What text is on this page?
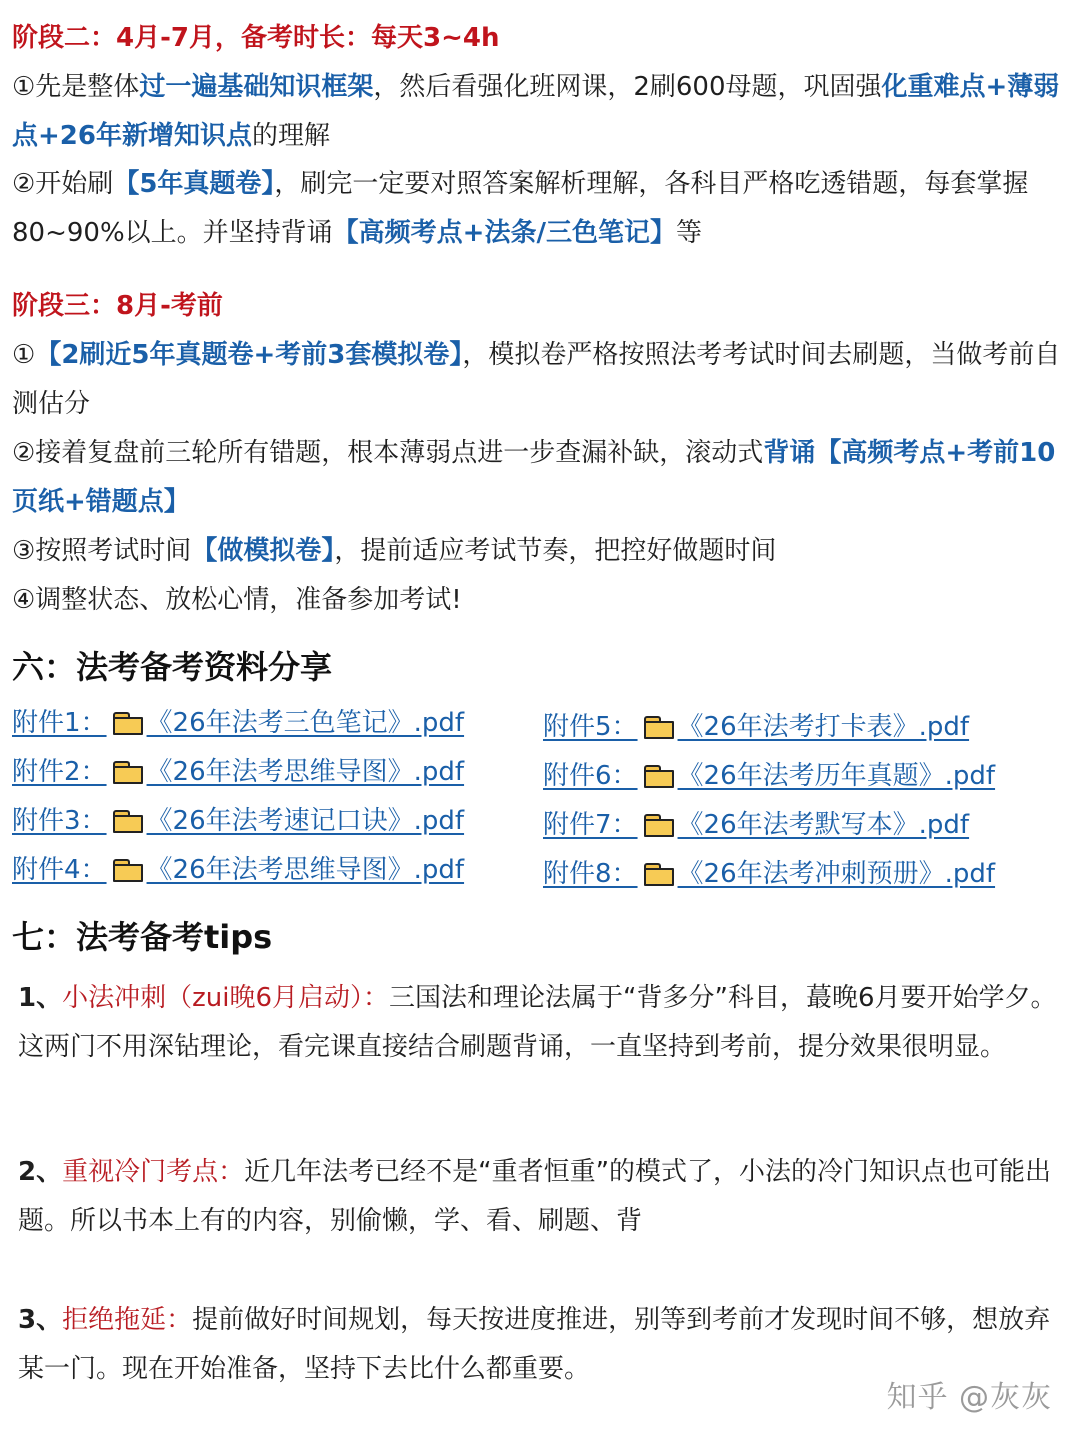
阶段二：4月-7月，备考时长：每天3~4h

①先是整体过一遍基础知识框架，然后看强化班网课，2刷600母题，巩固强化重难点+薄弱点+26年新增知识点的理解

②开始刷【5年真题卷】，刷完一定要对照答案解析理解，各科目严格吃透错题，每套掌握80~90%以上。并坚持背诵【高频考点+法条/三色笔记】等

阶段三：8月-考前

①【2刷近5年真题卷+考前3套模拟卷】，模拟卷严格按照法考考试时间去刷题，当做考前自测估分

②接着复盘前三轮所有错题，根本薄弱点进一步查漏补缺，滚动式背诵【高频考点+考前10页纸+错题点】

③按照考试时间【做模拟卷】，提前适应考试节奏，把控好做题时间

④调整状态、放松心情，准备参加考试!

六：法考备考资料分享
附件1： 《26年法考三色笔记》.pdf
附件2： 《26年法考思维导图》.pdf
附件3： 《26年法考速记口诀》.pdf
附件4： 《26年法考思维导图》.pdf
附件5： 《26年法考打卡表》.pdf
附件6： 《26年法考历年真题》.pdf
附件7： 《26年法考默写本》.pdf
附件8： 《26年法考冲刺预册》.pdf
七：法考备考tips

1、小法冲刺（zui晚6月启动）：三国法和理论法属于“背多分”科目，蕞晚6月要开始学夕。这两门不用深钻理论，看完课直接结合刷题背诵，一直坚持到考前，提分效果很明显。

2、重视冷门考点：近几年法考已经不是“重者恒重”的模式了，小法的冷门知识点也可能出题。所以书本上有的内容，别偷懒，学、看、刷题、背

3、拒绝拖延：提前做好时间规划，每天按进度推进，别等到考前才发现时间不够，想放弃某一门。现在开始准备，坚持下去比什么都重要。

知乎 @灰灰
